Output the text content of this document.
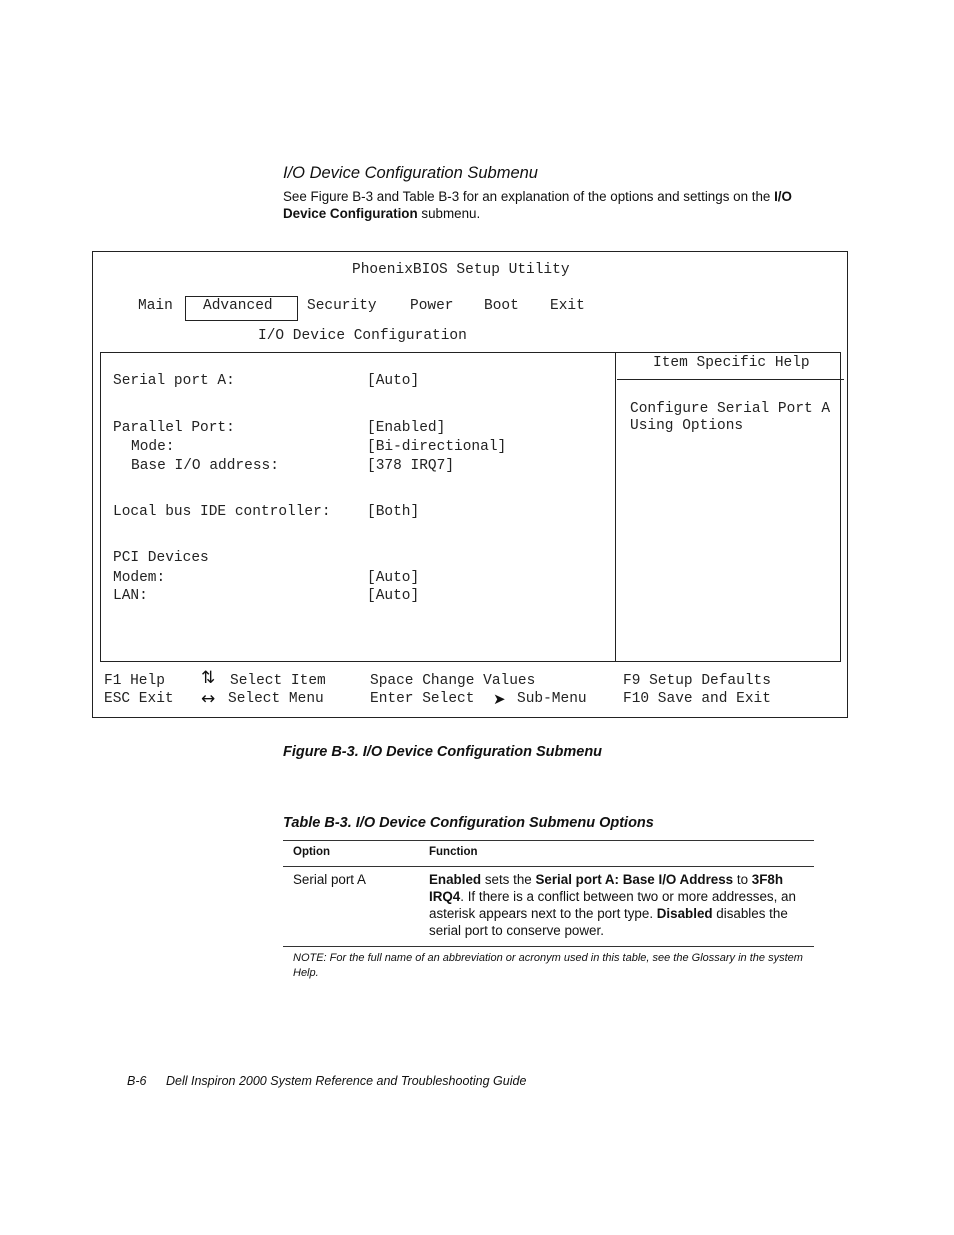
I/O Device Configuration Submenu
See Figure B-3 and Table B-3 for an explanation of the options and settings on the I/O Device Configuration submenu.
PhoenixBIOS Setup Utility
Main Advanced Security Power Boot Exit
I/O Device Configuration
Serial port A:	[Auto]
Parallel Port:	[Enabled]
Mode:	[Bi-directional]
Base I/O address:	[378 IRQ7]
Local bus IDE controller:	[Both]
PCI Devices
Modem:	[Auto]
LAN:	[Auto]
Item Specific Help
Configure Serial Port A
Using Options
F1 Help ⇅ Select Item	Space Change Values	F9 Setup Defaults
ESC Exit ↔ Select Menu	Enter Select ➤ Sub-Menu	F10 Save and Exit
Figure B-3. I/O Device Configuration Submenu
Table B-3. I/O Device Configuration Submenu Options
Option	Function
Serial port A	Enabled sets the Serial port A: Base I/O Address to 3F8h IRQ4. If there is a conflict between two or more addresses, an asterisk appears next to the port type. Disabled disables the serial port to conserve power.
NOTE: For the full name of an abbreviation or acronym used in this table, see the Glossary in the system Help.
B-6 Dell Inspiron 2000 System Reference and Troubleshooting Guide
